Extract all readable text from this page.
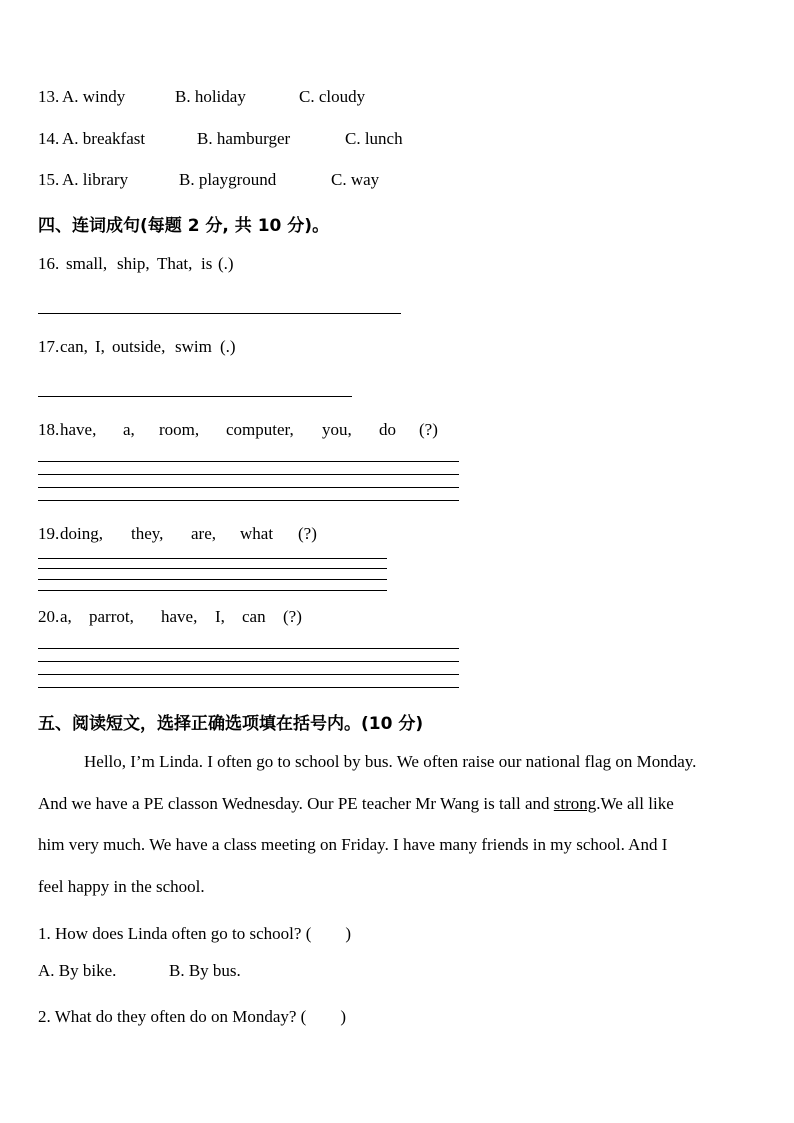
13. A. windy	B. holiday	C. cloudy
14. A. breakfast	B. hamburger	C. lunch
15. A. library	B. playground	C. way
四、连词成句(每题 2 分, 共 10 分)。
16. small, ship, That, is (.)
17. can, I, outside, swim (.)
18. have, a, room, computer, you, do (?)
19. doing, they, are, what (?)
20. a, parrot, have, I, can (?)
五、阅读短文，选择正确选项填在括号内。(10 分)
Hello, I’m Linda. I often go to school by bus. We often raise our national flag on Monday.
And we have a PE classon Wednesday. Our PE teacher Mr Wang is tall and strong.We all like
him very much. We have a class meeting on Friday. I have many friends in my school. And I
feel happy in the school.
1. How does Linda often go to school? (　　)
A. By bike.	B. By bus.
2. What do they often do on Monday? (　　)
